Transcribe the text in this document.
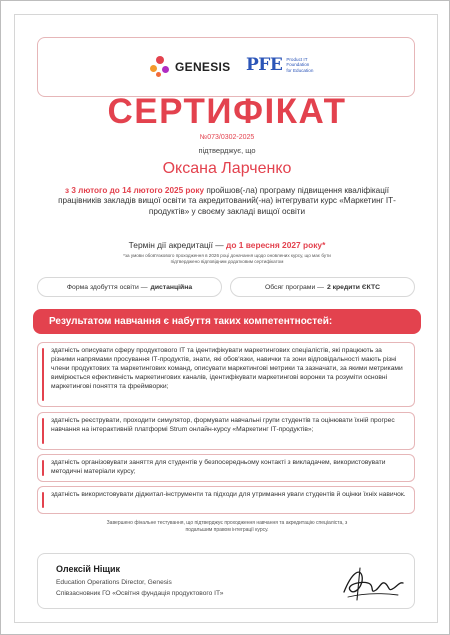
GENESIS PFE Product IT
Foundation
for Education
СЕРТИФІКАТ
№073/0302-2025
підтверджує, що
Оксана Ларченко
з 3 лютого до 14 лютого 2025 року пройшов(-ла) програму підвищення кваліфікації працівників закладів вищої освіти та акредитований(-на) інтегрувати курс «Маркетинг ІТ-продуктів» у своєму закладі вищої освіти
Термін дії акредитації — до 1 вересня 2027 року*
*за умови обов'язкового проходження в 2026 році доначання щодо оновлених курсу, що має бути підтверджено відповідним додатковим сертифікатом
Форма здобуття освіти — дистанційна	Обсяг програми — 2 кредити ЄКТС
Результатом навчання є набуття таких компетентностей:
здатність описувати сферу продуктового ІТ та ідентифікувати маркетингових спеціалістів, які працюють за різними напрямами просування ІТ-продуктів, знати, які обов'язки, навички та зони відповідальності мають різні члени продуктових та маркетингових команд, описувати маркетингові метрики та зазначати, за якими метриками вимірюється ефективність маркетингових каналів, ідентифікувати маркетингові воронки та розуміти основні маркетингові поняття та фреймворки;
здатність реєструвати, проходити симулятор, формувати навчальні групи студентів та оцінювати їхній прогрес навчання на інтерактивній платформі Strum онлайн-курсу «Маркетинг ІТ-продуктів»;
здатність організовувати заняття для студентів у безпосередньому контакті з викладачем, використовувати методичні матеріали курсу;
здатність використовувати діджитал-інструменти та підходи для утримання уваги студентів й оцінки їхніх навичок.
Завершено фінальне тестування, що підтверджує проходження навчання та акредитацію спеціаліста, з подальшим правом інтеграції курсу.
Олексій Ніщик
Education Operations Director, Genesis
Співзасновник ГО «Освітня фундація продуктового ІТ»
